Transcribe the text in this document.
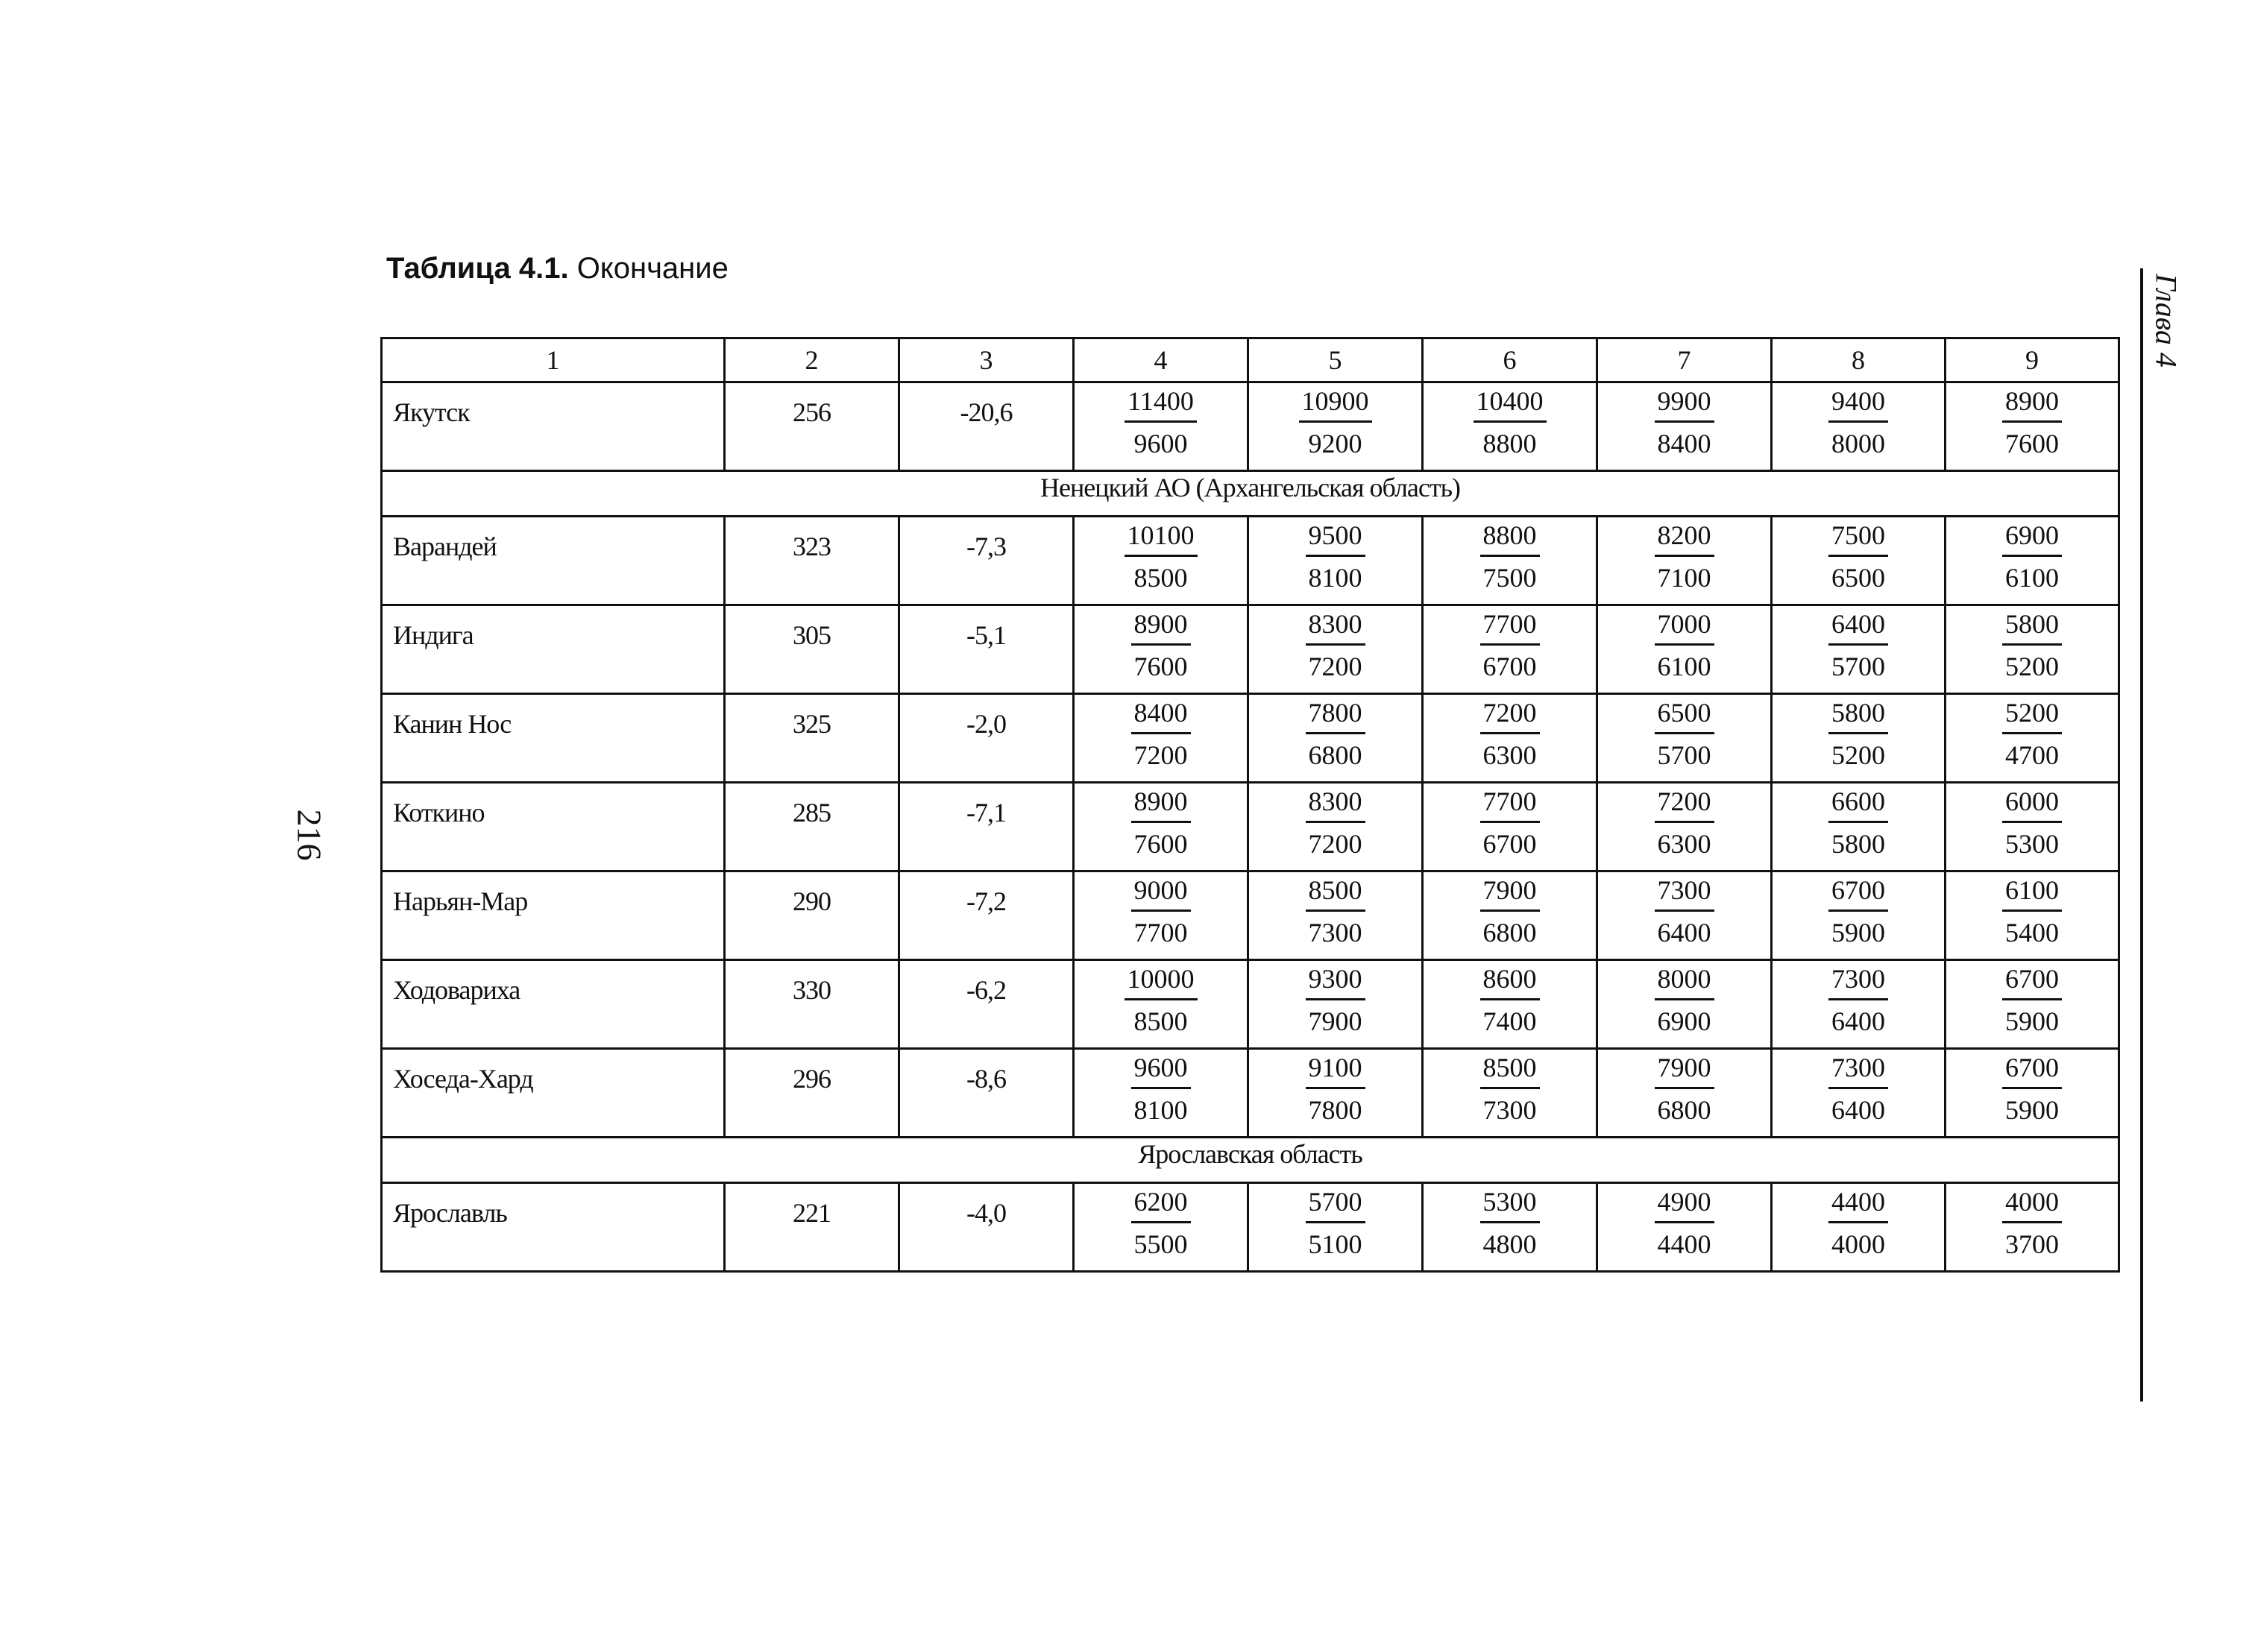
Таблица 4.1. Окончание
216
Глава 4
1	2	3	4	5	6	7	8	9
Якутск	256	-20,6	$\frac{11400}{9600}$	$\frac{10900}{9200}$	$\frac{10400}{8800}$	$\frac{9900}{8400}$	$\frac{9400}{8000}$	$\frac{8900}{7600}$

Ненецкий АО (Архангельская область)								
Варандей	323	-7,3	$\frac{10100}{8500}$	$\frac{9500}{8100}$	$\frac{8800}{7500}$	$\frac{8200}{7100}$	$\frac{7500}{6500}$	$\frac{6900}{6100}$

Индига	305	-5,1	$\frac{8900}{7600}$	$\frac{8300}{7200}$	$\frac{7700}{6700}$	$\frac{7000}{6100}$	$\frac{6400}{5700}$	$\frac{5800}{5200}$

Канин Нос	325	-2,0	$\frac{8400}{7200}$	$\frac{7800}{6800}$	$\frac{7200}{6300}$	$\frac{6500}{5700}$	$\frac{5800}{5200}$	$\frac{5200}{4700}$

Коткино	285	-7,1	$\frac{8900}{7600}$	$\frac{8300}{7200}$	$\frac{7700}{6700}$	$\frac{7200}{6300}$	$\frac{6600}{5800}$	$\frac{6000}{5300}$

Нарьян-Мар	290	-7,2	$\frac{9000}{7700}$	$\frac{8500}{7300}$	$\frac{7900}{6800}$	$\frac{7300}{6400}$	$\frac{6700}{5900}$	$\frac{6100}{5400}$

Ходовариха	330	-6,2	$\frac{10000}{8500}$	$\frac{9300}{7900}$	$\frac{8600}{7400}$	$\frac{8000}{6900}$	$\frac{7300}{6400}$	$\frac{6700}{5900}$

Хоседа-Хард	296	-8,6	$\frac{9600}{8100}$	$\frac{9100}{7800}$	$\frac{8500}{7300}$	$\frac{7900}{6800}$	$\frac{7300}{6400}$	$\frac{6700}{5900}$

Ярославская область								
Ярославль	221	-4,0	$\frac{6200}{5500}$	$\frac{5700}{5100}$	$\frac{5300}{4800}$	$\frac{4900}{4400}$	$\frac{4400}{4000}$	$\frac{4000}{3700}$
